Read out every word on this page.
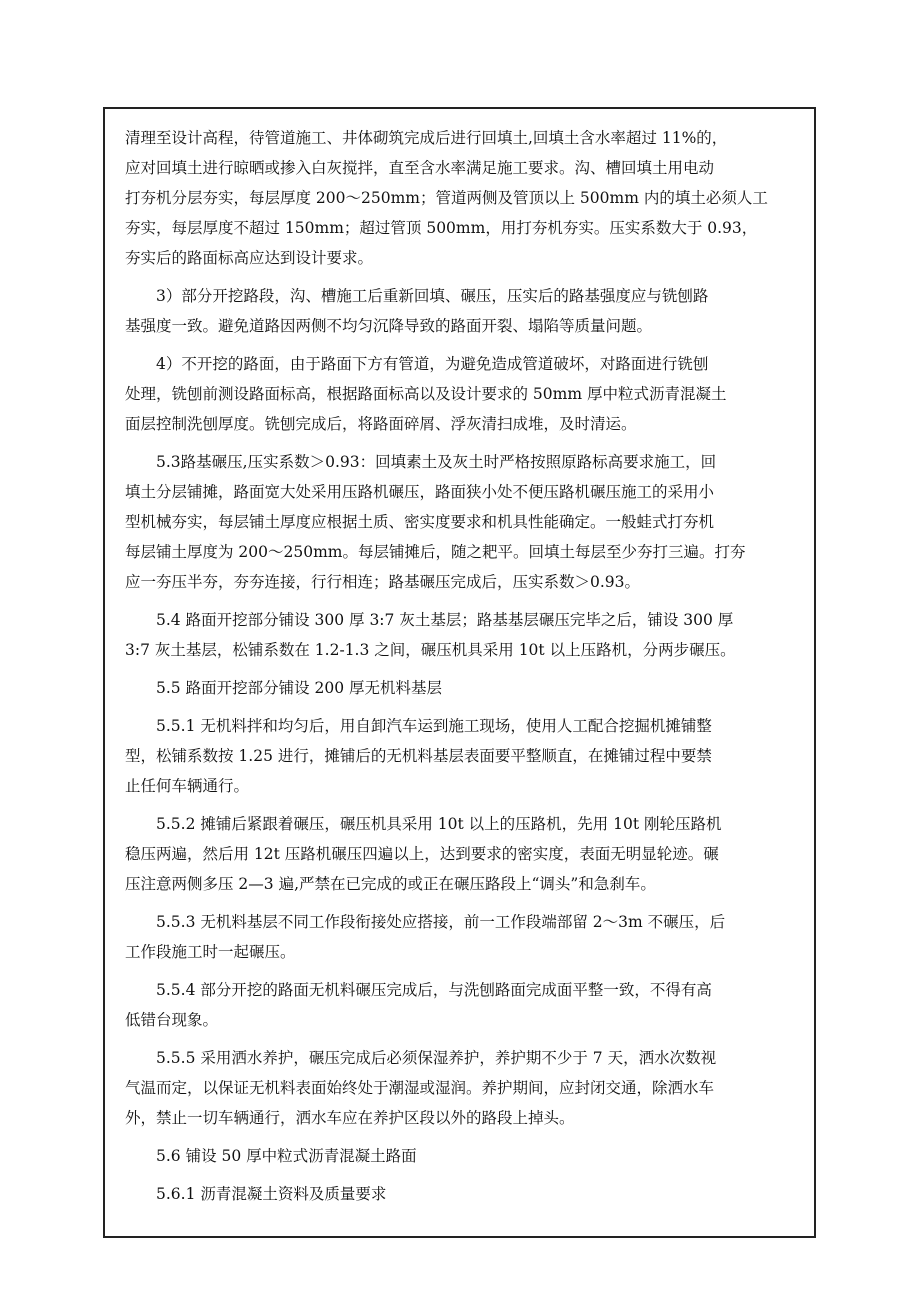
清理至设计高程，待管道施工、井体砌筑完成后进行回填土,回填土含水率超过 11%的，
应对回填土进行晾晒或掺入白灰搅拌，直至含水率满足施工要求。沟、槽回填土用电动
打夯机分层夯实，每层厚度 200～250mm；管道两侧及管顶以上 500mm 内的填土必须人工
夯实，每层厚度不超过 150mm；超过管顶 500mm，用打夯机夯实。压实系数大于 0.93，
夯实后的路面标高应达到设计要求。
3）部分开挖路段，沟、槽施工后重新回填、碾压，压实后的路基强度应与铣刨路
基强度一致。避免道路因两侧不均匀沉降导致的路面开裂、塌陷等质量问题。
4）不开挖的路面，由于路面下方有管道，为避免造成管道破坏，对路面进行铣刨
处理，铣刨前测设路面标高，根据路面标高以及设计要求的 50mm 厚中粒式沥青混凝土
面层控制洗刨厚度。铣刨完成后，将路面碎屑、浮灰清扫成堆，及时清运。
5.3路基碾压,压实系数＞0.93：回填素土及灰土时严格按照原路标高要求施工，回
填土分层铺摊，路面宽大处采用压路机碾压，路面狭小处不便压路机碾压施工的采用小
型机械夯实，每层铺土厚度应根据土质、密实度要求和机具性能确定。一般蛙式打夯机
每层铺土厚度为 200～250mm。每层铺摊后，随之耙平。回填土每层至少夯打三遍。打夯
应一夯压半夯，夯夯连接，行行相连；路基碾压完成后，压实系数＞0.93。
5.4 路面开挖部分铺设 300 厚 3:7 灰土基层；路基基层碾压完毕之后，铺设 300 厚
3:7 灰土基层，松铺系数在 1.2-1.3 之间，碾压机具采用 10t 以上压路机，分两步碾压。
5.5 路面开挖部分铺设 200 厚无机料基层
5.5.1 无机料拌和均匀后，用自卸汽车运到施工现场，使用人工配合挖掘机摊铺整
型，松铺系数按 1.25 进行，摊铺后的无机料基层表面要平整顺直，在摊铺过程中要禁
止任何车辆通行。
5.5.2 摊铺后紧跟着碾压，碾压机具采用 10t 以上的压路机，先用 10t 刚轮压路机
稳压两遍，然后用 12t 压路机碾压四遍以上，达到要求的密实度，表面无明显轮迹。碾
压注意两侧多压 2—3 遍,严禁在已完成的或正在碾压路段上“调头”和急刹车。
5.5.3 无机料基层不同工作段衔接处应搭接，前一工作段端部留 2～3m 不碾压，后
工作段施工时一起碾压。
5.5.4 部分开挖的路面无机料碾压完成后，与洗刨路面完成面平整一致，不得有高
低错台现象。
5.5.5 采用洒水养护，碾压完成后必须保湿养护，养护期不少于 7 天，洒水次数视
气温而定，以保证无机料表面始终处于潮湿或湿润。养护期间，应封闭交通，除洒水车
外，禁止一切车辆通行，洒水车应在养护区段以外的路段上掉头。
5.6 铺设 50 厚中粒式沥青混凝土路面
5.6.1 沥青混凝土资料及质量要求
